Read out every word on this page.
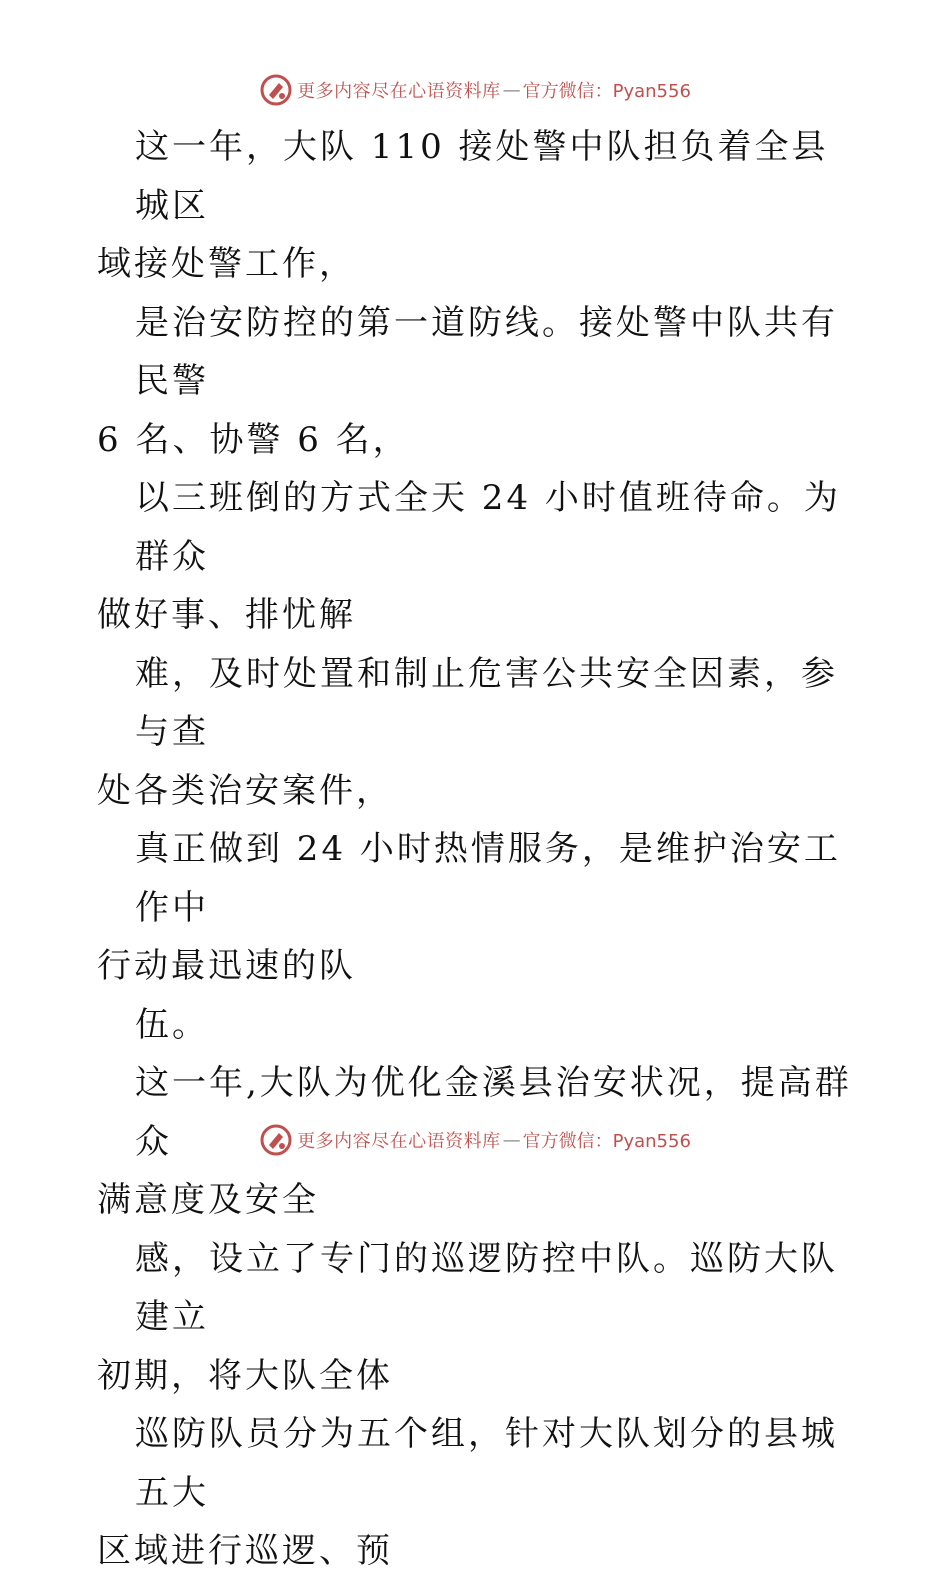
更多内容尽在心语资料库 — 官方微信：Pyan556

这一年，大队 110 接处警中队担负着全县城区
域接处警工作，
是治安防控的第一道防线。接处警中队共有民警
6 名、协警 6 名，
以三班倒的方式全天 24 小时值班待命。为群众
做好事、排忧解
难，及时处置和制止危害公共安全因素，参与查
处各类治安案件，
真正做到 24 小时热情服务，是维护治安工作中
行动最迅速的队
伍。
这一年,大队为优化金溪县治安状况，提高群众
满意度及安全
感，设立了专门的巡逻防控中队。巡防大队建立
初期，将大队全体
巡防队员分为五个组，针对大队划分的县城五大
区域进行巡逻、预

更多内容尽在心语资料库 — 官方微信：Pyan556
